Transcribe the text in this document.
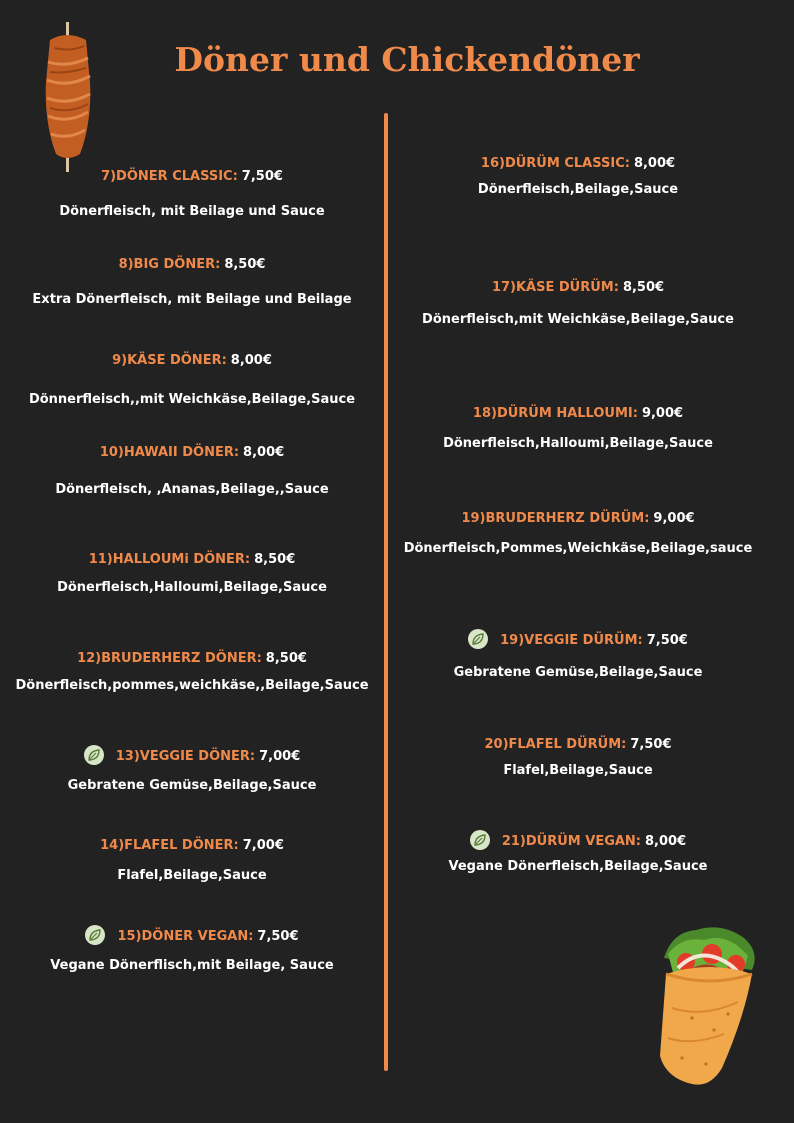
Döner und Chickendöner
7)DÖNER CLASSIC: 7,50€
Dönerfleisch, mit Beilage und Sauce
8)BIG DÖNER: 8,50€
Extra Dönerfleisch, mit Beilage und Beilage
9)KÄSE DÖNER: 8,00€
Dönnerfleisch,,mit Weichkäse,Beilage,Sauce
10)HAWAII DÖNER: 8,00€
Dönerfleisch, ,Ananas,Beilage,,Sauce
11)HALLOUMi DÖNER: 8,50€
Dönerfleisch,Halloumi,Beilage,Sauce
12)BRUDERHERZ DÖNER: 8,50€
Dönerfleisch,pommes,weichkäse,,Beilage,Sauce
13)VEGGIE DÖNER: 7,00€
Gebratene Gemüse,Beilage,Sauce
14)FLAFEL DÖNER: 7,00€
Flafel,Beilage,Sauce
15)DÖNER VEGAN: 7,50€
Vegane Dönerflisch,mit Beilage, Sauce
16)DÜRÜM CLASSIC: 8,00€
Dönerfleisch,Beilage,Sauce
17)KÄSE DÜRÜM: 8,50€
Dönerfleisch,mit Weichkäse,Beilage,Sauce
18)DÜRÜM HALLOUMI: 9,00€
Dönerfleisch,Halloumi,Beilage,Sauce
19)BRUDERHERZ DÜRÜM: 9,00€
Dönerfleisch,Pommes,Weichkäse,Beilage,sauce
19)VEGGIE DÜRÜM: 7,50€
Gebratene Gemüse,Beilage,Sauce
20)FLAFEL DÜRÜM: 7,50€
Flafel,Beilage,Sauce
21)DÜRÜM VEGAN: 8,00€
Vegane Dönerfleisch,Beilage,Sauce
